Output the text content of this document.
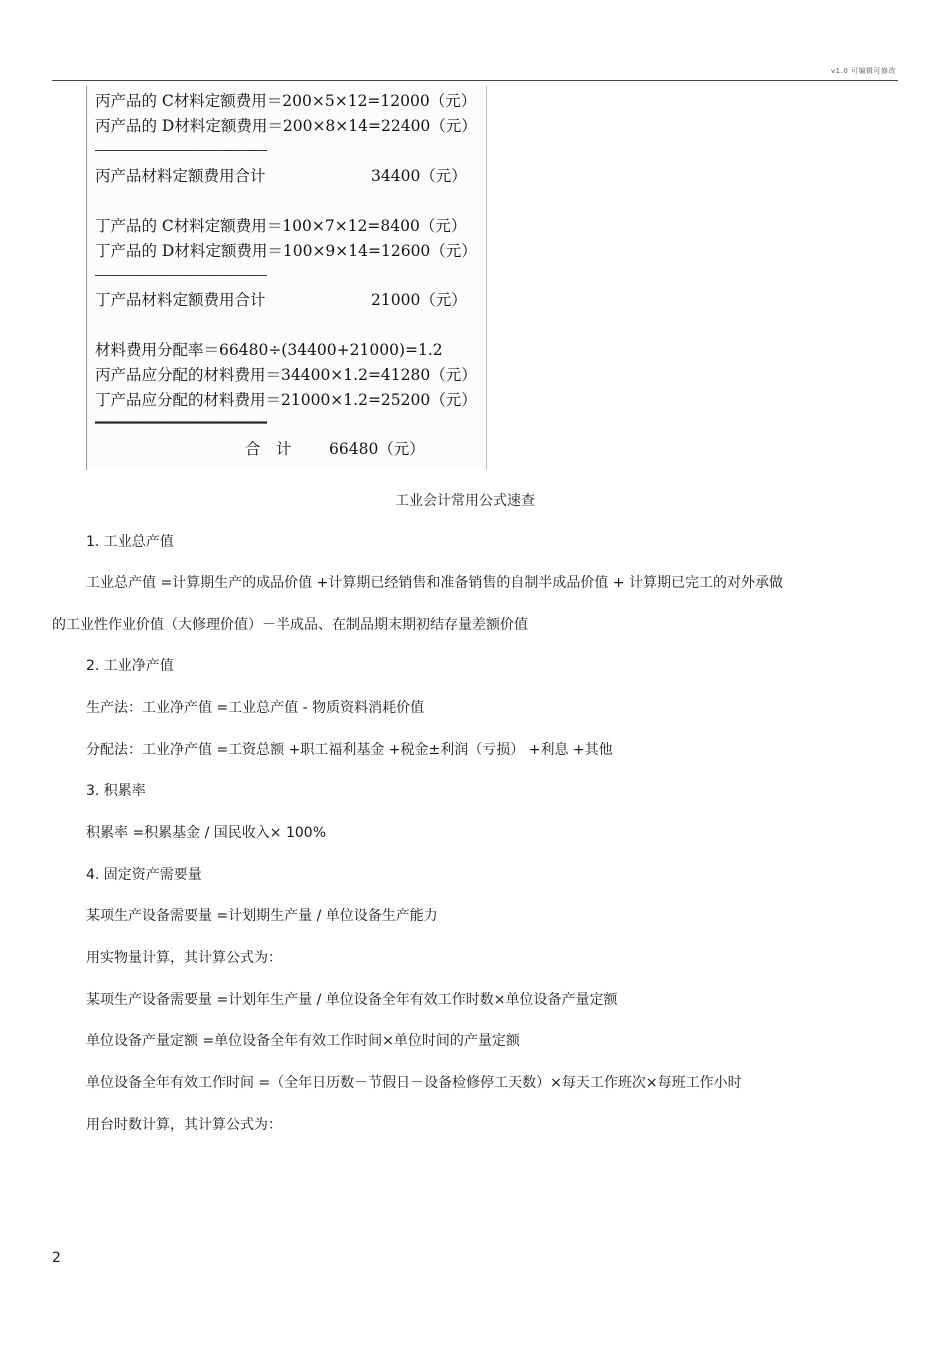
v1.0 可编辑可修改
丙产品的 C材料定额费用＝200×5×12=12000（元）
丙产品的 D材料定额费用＝200×8×14=22400（元）
——————————————————————
丙产品材料定额费用合计	34400（元）
丁产品的 C材料定额费用＝100×7×12=8400（元）
丁产品的 D材料定额费用＝100×9×14=12600（元）
——————————————————————
丁产品材料定额费用合计	21000（元）
材料费用分配率＝66480÷(34400+21000)=1.2
丙产品应分配的材料费用＝34400×1.2=41280（元）
丁产品应分配的材料费用＝21000×1.2=25200（元）
━━━━━━━━━━━━━━━━━━━━━━
合　计 66480（元）
工业会计常用公式速查
1. 工业总产值
工业总产值 =计算期生产的成品价值 +计算期已经销售和准备销售的自制半成品价值 + 计算期已完工的对外承做
的工业性作业价值（大修理价值）－半成品、在制品期末期初结存量差额价值
2. 工业净产值
生产法：工业净产值 =工业总产值 - 物质资料消耗价值
分配法：工业净产值 =工资总额 +职工福利基金 +税金±利润（亏损） +利息 +其他
3. 积累率
积累率 =积累基金 / 国民收入× 100%
4. 固定资产需要量
某项生产设备需要量 =计划期生产量 / 单位设备生产能力
用实物量计算，其计算公式为：
某项生产设备需要量 =计划年生产量 / 单位设备全年有效工作时数×单位设备产量定额
单位设备产量定额 =单位设备全年有效工作时间×单位时间的产量定额
单位设备全年有效工作时间 =（全年日历数－节假日－设备检修停工天数）×每天工作班次×每班工作小时
用台时数计算，其计算公式为：
2
